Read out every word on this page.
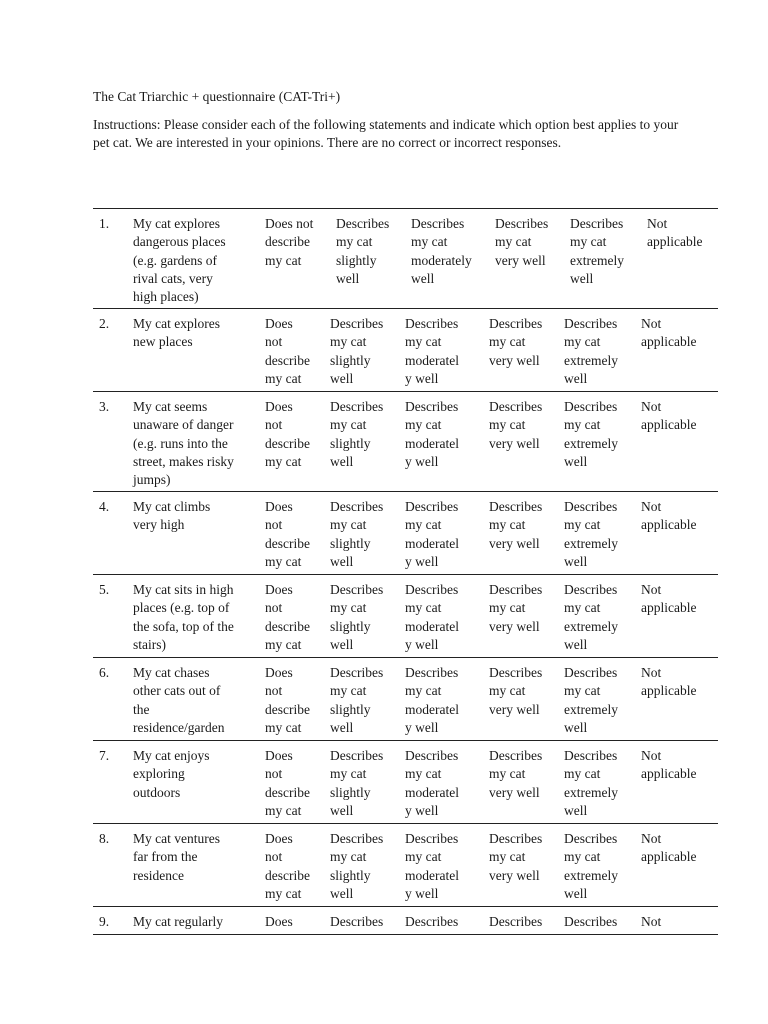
The Cat Triarchic + questionnaire (CAT-Tri+)
Instructions: Please consider each of the following statements and indicate which option best applies to your pet cat. We are interested in your opinions. There are no correct or incorrect responses.
1. My cat explores
dangerous places
(e.g. gardens of
rival cats, very
high places)
Does not
describe
my cat
Describes
my cat
slightly
well
Describes
my cat
moderately
well
Describes
my cat
very well
Describes
my cat
extremely
well
Not
applicable
2. My cat explores
new places
Does
not
describe
my cat
Describes
my cat
slightly
well
Describes
my cat
moderatel
y well
Describes
my cat
very well
Describes
my cat
extremely
well
Not
applicable
3. My cat seems
unaware of danger
(e.g. runs into the
street, makes risky
jumps)
Does
not
describe
my cat
Describes
my cat
slightly
well
Describes
my cat
moderatel
y well
Describes
my cat
very well
Describes
my cat
extremely
well
Not
applicable
4. My cat climbs
very high
Does
not
describe
my cat
Describes
my cat
slightly
well
Describes
my cat
moderatel
y well
Describes
my cat
very well
Describes
my cat
extremely
well
Not
applicable
5. My cat sits in high
places (e.g. top of
the sofa, top of the
stairs)
Does
not
describe
my cat
Describes
my cat
slightly
well
Describes
my cat
moderatel
y well
Describes
my cat
very well
Describes
my cat
extremely
well
Not
applicable
6. My cat chases
other cats out of
the
residence/garden
Does
not
describe
my cat
Describes
my cat
slightly
well
Describes
my cat
moderatel
y well
Describes
my cat
very well
Describes
my cat
extremely
well
Not
applicable
7. My cat enjoys
exploring
outdoors
Does
not
describe
my cat
Describes
my cat
slightly
well
Describes
my cat
moderatel
y well
Describes
my cat
very well
Describes
my cat
extremely
well
Not
applicable
8. My cat ventures
far from the
residence
Does
not
describe
my cat
Describes
my cat
slightly
well
Describes
my cat
moderatel
y well
Describes
my cat
very well
Describes
my cat
extremely
well
Not
applicable
9. My cat regularly	Does	Describes Describes Describes Describes Not
